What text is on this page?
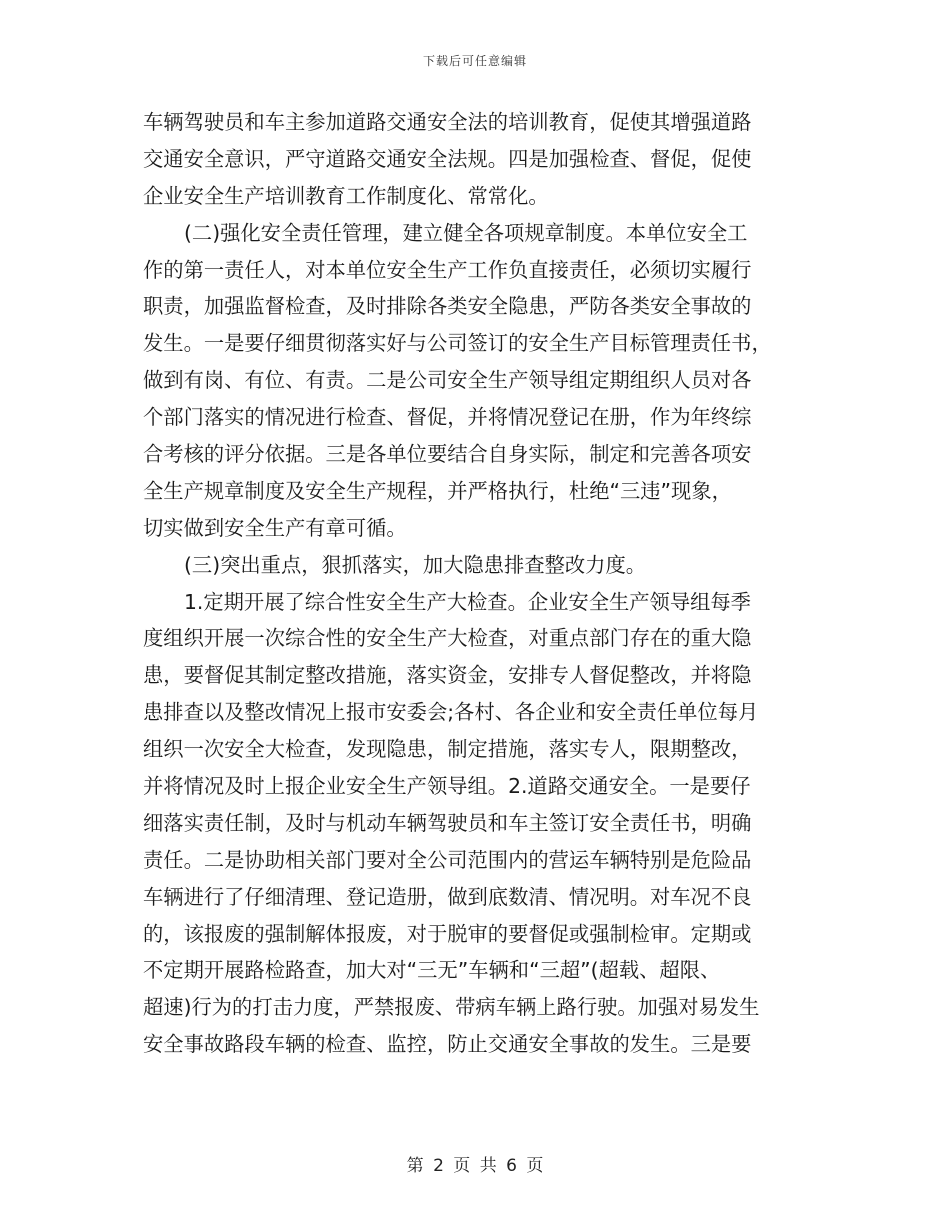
下载后可任意编辑
车辆驾驶员和车主参加道路交通安全法的培训教育，促使其增强道路
交通安全意识，严守道路交通安全法规。四是加强检查、督促，促使
企业安全生产培训教育工作制度化、常常化。
(二)强化安全责任管理，建立健全各项规章制度。本单位安全工
作的第一责任人，对本单位安全生产工作负直接责任，必须切实履行
职责，加强监督检查，及时排除各类安全隐患，严防各类安全事故的
发生。一是要仔细贯彻落实好与公司签订的安全生产目标管理责任书，
做到有岗、有位、有责。二是公司安全生产领导组定期组织人员对各
个部门落实的情况进行检查、督促，并将情况登记在册，作为年终综
合考核的评分依据。三是各单位要结合自身实际，制定和完善各项安
全生产规章制度及安全生产规程，并严格执行，杜绝“三违”现象，
切实做到安全生产有章可循。
(三)突出重点，狠抓落实，加大隐患排查整改力度。
1.定期开展了综合性安全生产大检查。企业安全生产领导组每季
度组织开展一次综合性的安全生产大检查，对重点部门存在的重大隐
患，要督促其制定整改措施，落实资金，安排专人督促整改，并将隐
患排查以及整改情况上报市安委会;各村、各企业和安全责任单位每月
组织一次安全大检查，发现隐患，制定措施，落实专人，限期整改，
并将情况及时上报企业安全生产领导组。2.道路交通安全。一是要仔
细落实责任制，及时与机动车辆驾驶员和车主签订安全责任书，明确
责任。二是协助相关部门要对全公司范围内的营运车辆特别是危险品
车辆进行了仔细清理、登记造册，做到底数清、情况明。对车况不良
的，该报废的强制解体报废，对于脱审的要督促或强制检审。定期或
不定期开展路检路查，加大对“三无”车辆和“三超”(超载、超限、
超速)行为的打击力度，严禁报废、带病车辆上路行驶。加强对易发生
安全事故路段车辆的检查、监控，防止交通安全事故的发生。三是要
第 2 页 共 6 页
